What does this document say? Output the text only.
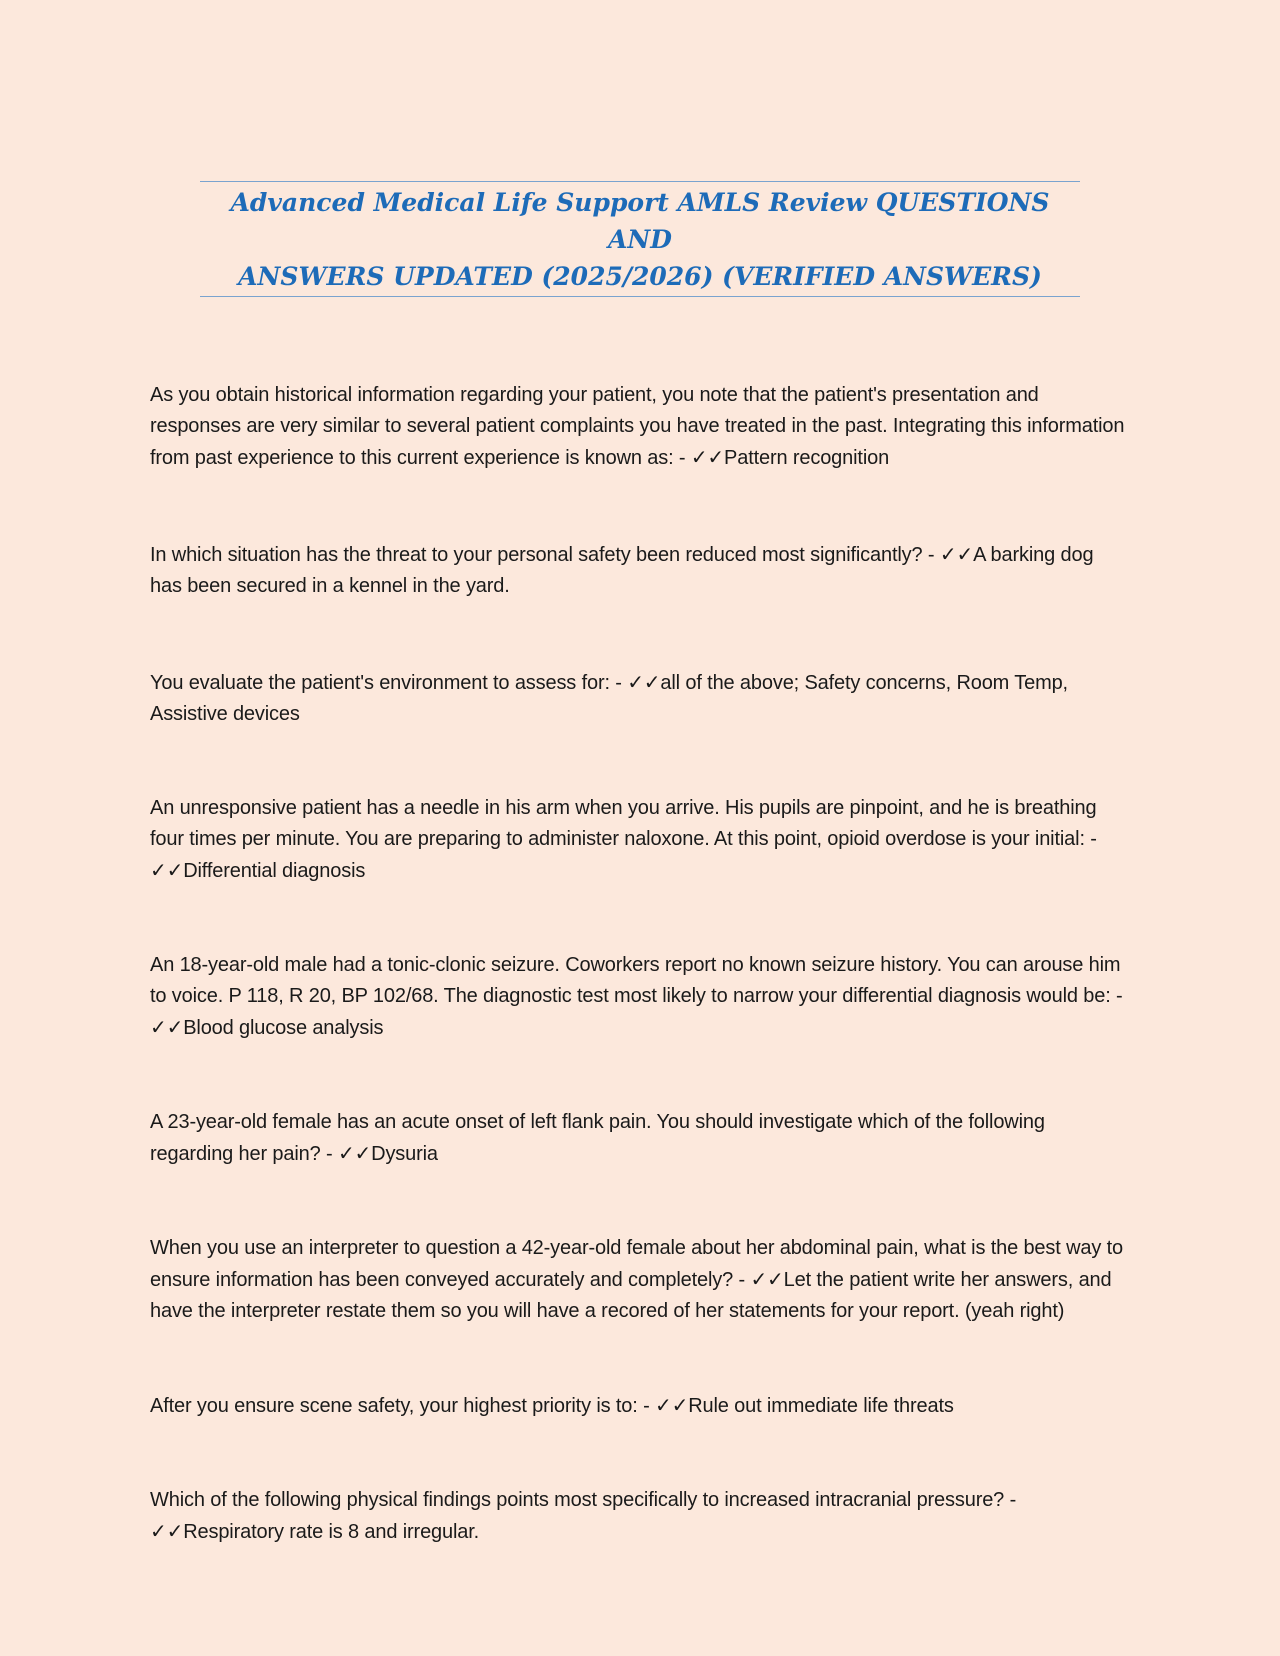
Advanced Medical Life Support AMLS Review QUESTIONS AND
ANSWERS UPDATED (2025/2026) (VERIFIED ANSWERS)

As you obtain historical information regarding your patient, you note that the patient's presentation and responses are very similar to several patient complaints you have treated in the past. Integrating this information from past experience to this current experience is known as: - ✓✓Pattern recognition

In which situation has the threat to your personal safety been reduced most significantly? - ✓✓A barking dog has been secured in a kennel in the yard.

You evaluate the patient's environment to assess for: - ✓✓all of the above; Safety concerns, Room Temp, Assistive devices

An unresponsive patient has a needle in his arm when you arrive. His pupils are pinpoint, and he is breathing four times per minute. You are preparing to administer naloxone. At this point, opioid overdose is your initial: - ✓✓Differential diagnosis

An 18-year-old male had a tonic-clonic seizure. Coworkers report no known seizure history. You can arouse him to voice. P 118, R 20, BP 102/68. The diagnostic test most likely to narrow your differential diagnosis would be: - ✓✓Blood glucose analysis

A 23-year-old female has an acute onset of left flank pain. You should investigate which of the following regarding her pain? - ✓✓Dysuria

When you use an interpreter to question a 42-year-old female about her abdominal pain, what is the best way to ensure information has been conveyed accurately and completely? - ✓✓Let the patient write her answers, and have the interpreter restate them so you will have a recored of her statements for your report. (yeah right)

After you ensure scene safety, your highest priority is to: - ✓✓Rule out immediate life threats

Which of the following physical findings points most specifically to increased intracranial pressure? - ✓✓Respiratory rate is 8 and irregular.
